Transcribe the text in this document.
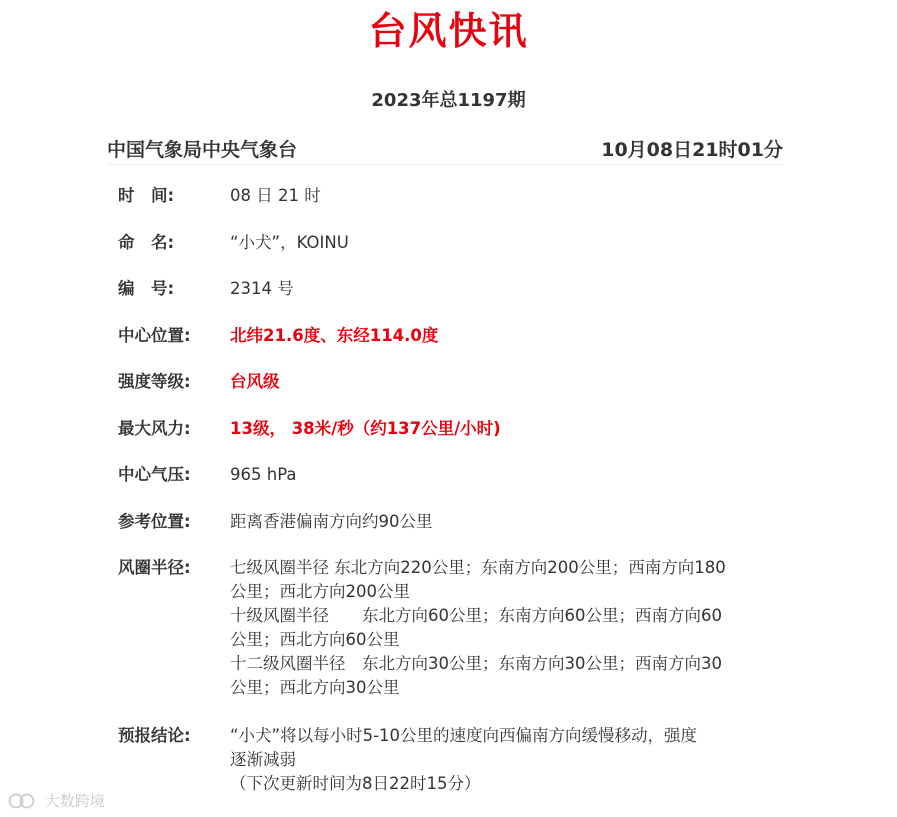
台风快讯
2023年总1197期
中国气象局中央气象台	10月08日21时01分
时　间:	08 日 21 时
命　名:	“小犬”，KOINU
编　号:	2314 号
中心位置:	北纬21.6度、东经114.0度
强度等级:	台风级
最大风力:	13级， 38米/秒（约137公里/小时)
中心气压:	965 hPa
参考位置:	距离香港偏南方向约90公里
风圈半径:	七级风圈半径 东北方向220公里；东南方向200公里；西南方向180
公里；西北方向200公里
十级风圈半径　　东北方向60公里；东南方向60公里；西南方向60
公里；西北方向60公里
十二级风圈半径　东北方向30公里；东南方向30公里；西南方向30
公里；西北方向30公里
预报结论:	“小犬”将以每小时5-10公里的速度向西偏南方向缓慢移动，强度
逐渐减弱
（下次更新时间为8日22时15分）
大数跨境
